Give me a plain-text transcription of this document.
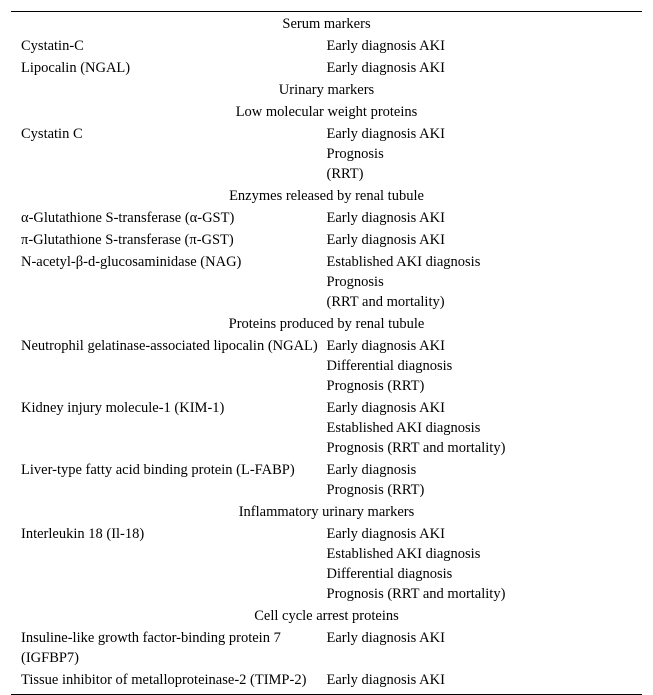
Serum markers	
Cystatin-C	Early diagnosis AKI

Lipocalin (NGAL)	Early diagnosis AKI

Urinary markers	
Low molecular weight proteins	
Cystatin C	Early diagnosis AKI
Prognosis
(RRT)

Enzymes released by renal tubule	
α-Glutathione S-transferase (α-GST)	Early diagnosis AKI

π-Glutathione S-transferase (π-GST)	Early diagnosis AKI

N-acetyl-β-d-glucosaminidase (NAG)	Established AKI diagnosis
Prognosis
(RRT and mortality)

Proteins produced by renal tubule	
Neutrophil gelatinase-associated lipocalin (NGAL)	Early diagnosis AKI
Differential diagnosis
Prognosis (RRT)

Kidney injury molecule-1 (KIM-1)	Early diagnosis AKI
Established AKI diagnosis
Prognosis (RRT and mortality)

Liver-type fatty acid binding protein (L-FABP)	Early diagnosis
Prognosis (RRT)

Inflammatory urinary markers	
Interleukin 18 (Il-18)	Early diagnosis AKI
Established AKI diagnosis
Differential diagnosis
Prognosis (RRT and mortality)

Cell cycle arrest proteins	
Insuline-like growth factor-binding protein 7 (IGFBP7)	Early diagnosis AKI

Tissue inhibitor of metalloproteinase-2 (TIMP-2)	Early diagnosis AKI
